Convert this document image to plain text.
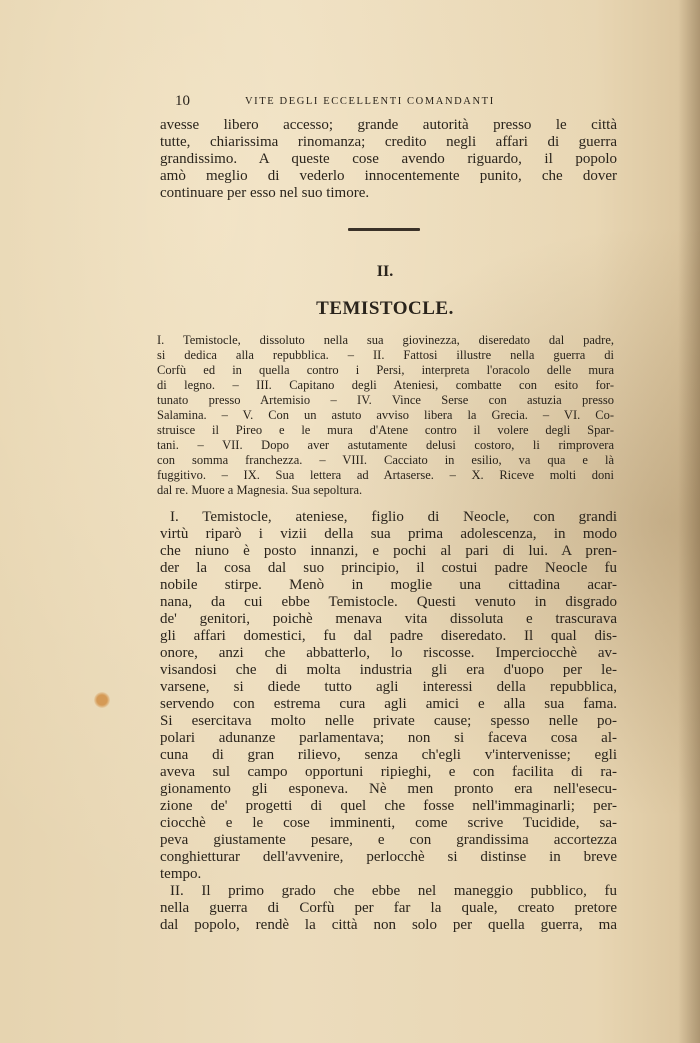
10	VITE DEGLI ECCELLENTI COMANDANTI
avesse libero accesso; grande autorità presso le città
tutte, chiarissima rinomanza; credito negli affari di guerra
grandissimo. A queste cose avendo riguardo, il popolo
amò meglio di vederlo innocentemente punito, che dover
continuare per esso nel suo timore.
II.
TEMISTOCLE.
I. Temistocle, dissoluto nella sua giovinezza, diseredato dal padre,
si dedica alla repubblica. – II. Fattosi illustre nella guerra di
Corfù ed in quella contro i Persi, interpreta l'oracolo delle mura
di legno. – III. Capitano degli Ateniesi, combatte con esito for-
tunato presso Artemisio – IV. Vince Serse con astuzia presso
Salamina. – V. Con un astuto avviso libera la Grecia. – VI. Co-
struisce il Pireo e le mura d'Atene contro il volere degli Spar-
tani. – VII. Dopo aver astutamente delusi costoro, li rimprovera
con somma franchezza. – VIII. Cacciato in esilio, va qua e là
fuggitivo. – IX. Sua lettera ad Artaserse. – X. Riceve molti doni
dal re. Muore a Magnesia. Sua sepoltura.
I. Temistocle, ateniese, figlio di Neocle, con grandi
virtù riparò i vizii della sua prima adolescenza, in modo
che niuno è posto innanzi, e pochi al pari di lui. A pren-
der la cosa dal suo principio, il costui padre Neocle fu
nobile stirpe. Menò in moglie una cittadina acar-
nana, da cui ebbe Temistocle. Questi venuto in disgrado
de' genitori, poichè menava vita dissoluta e trascurava
gli affari domestici, fu dal padre diseredato. Il qual dis-
onore, anzi che abbatterlo, lo riscosse. Imperciocchè av-
visandosi che di molta industria gli era d'uopo per le-
varsene, si diede tutto agli interessi della repubblica,
servendo con estrema cura agli amici e alla sua fama.
Si esercitava molto nelle private cause; spesso nelle po-
polari adunanze parlamentava; non si faceva cosa al-
cuna di gran rilievo, senza ch'egli v'intervenisse; egli
aveva sul campo opportuni ripieghi, e con facilita di ra-
gionamento gli esponeva. Nè men pronto era nell'esecu-
zione de' progetti di quel che fosse nell'immaginarli; per-
ciocchè e le cose imminenti, come scrive Tucidide, sa-
peva giustamente pesare, e con grandissima accortezza
conghietturar dell'avvenire, perlocchè si distinse in breve
tempo.
II. Il primo grado che ebbe nel maneggio pubblico, fu
nella guerra di Corfù per far la quale, creato pretore
dal popolo, rendè la città non solo per quella guerra, ma
